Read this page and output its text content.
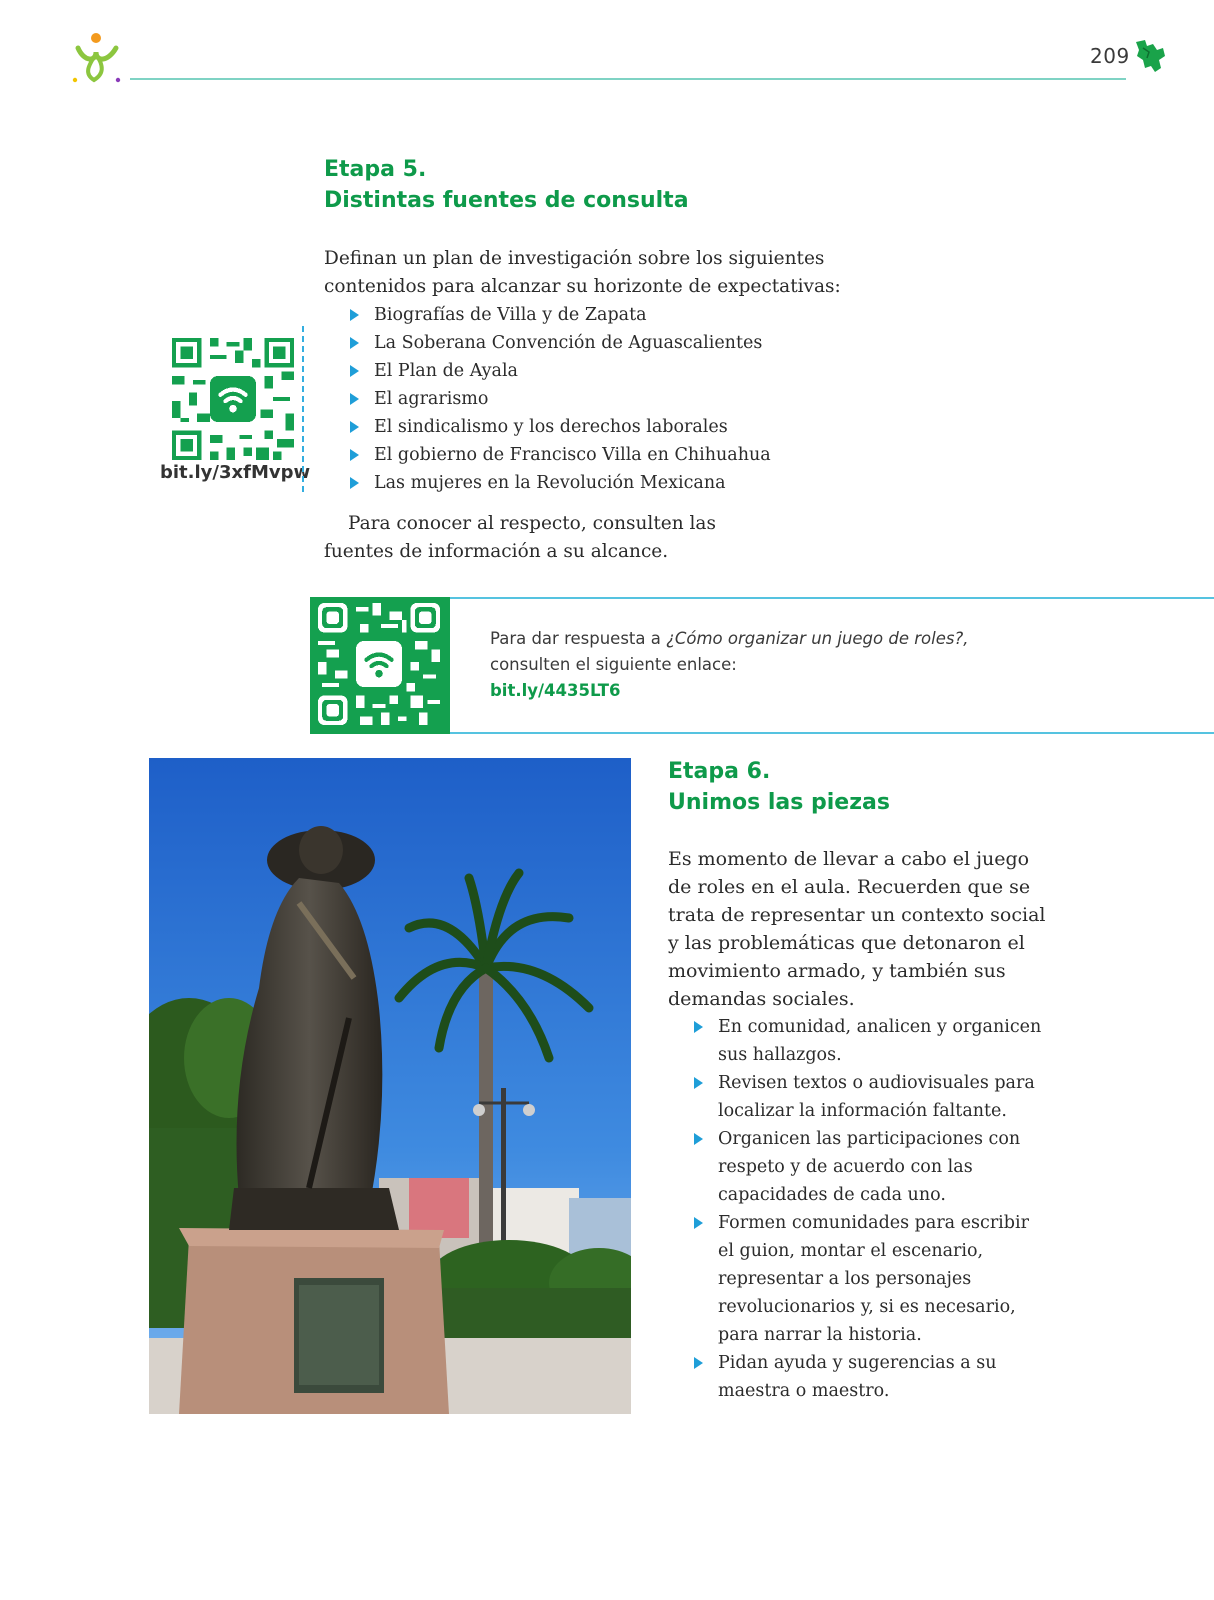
209
Etapa 5.
Distintas fuentes de consulta

Definan un plan de investigación sobre los siguientes contenidos para alcanzar su horizonte de expectativas:

Biografías de Villa y de Zapata
La Soberana Convención de Aguascalientes
El Plan de Ayala
El agrarismo
El sindicalismo y los derechos laborales
El gobierno de Francisco Villa en Chihuahua
Las mujeres en la Revolución Mexicana

Para conocer al respecto, consulten las fuentes de información a su alcance.

bit.ly/3xfMvpw
Para dar respuesta a ¿Cómo organizar un juego de roles?,
consulten el siguiente enlace:
bit.ly/4435LT6
Etapa 6.
Unimos las piezas

Es momento de llevar a cabo el juego de roles en el aula. Recuerden que se trata de representar un contexto social y las problemáticas que detonaron el movimiento armado, y también sus demandas sociales.

En comunidad, analicen y organicen sus hallazgos.
Revisen textos o audiovisuales para localizar la información faltante.
Organicen las participaciones con respeto y de acuerdo con las capacidades de cada uno.
Formen comunidades para escribir el guion, montar el escenario, representar a los personajes revolucionarios y, si es necesario, para narrar la historia.
Pidan ayuda y sugerencias a su maestra o maestro.
